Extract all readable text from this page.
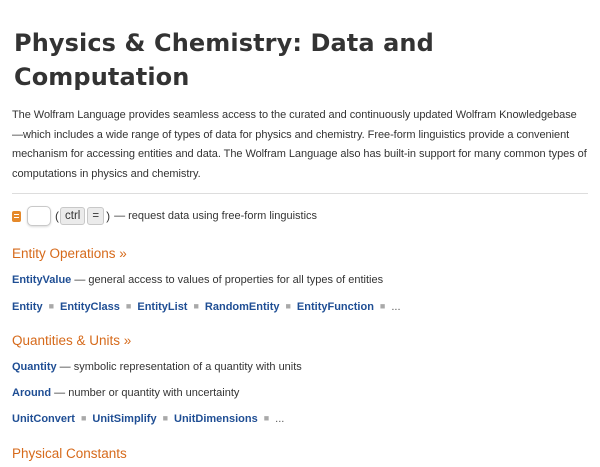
Physics & Chemistry: Data and Computation

The Wolfram Language provides seamless access to the curated and continuously updated Wolfram Knowledgebase —which includes a wide range of types of data for physics and chemistry. Free-form linguistics provide a convenient mechanism for accessing entities and data. The Wolfram Language also has built-in support for many common types of computations in physics and chemistry.

( ctrl	= ) — request data using free-form linguistics
Entity Operations »
EntityValue — general access to values of properties for all types of entities
Entity ■ EntityClass ■ EntityList ■ RandomEntity ■ EntityFunction ■ ...
Quantities & Units »
Quantity — symbolic representation of a quantity with units
Around — number or quantity with uncertainty
UnitConvert ■ UnitSimplify ■ UnitDimensions ■ ...
Physical Constants
